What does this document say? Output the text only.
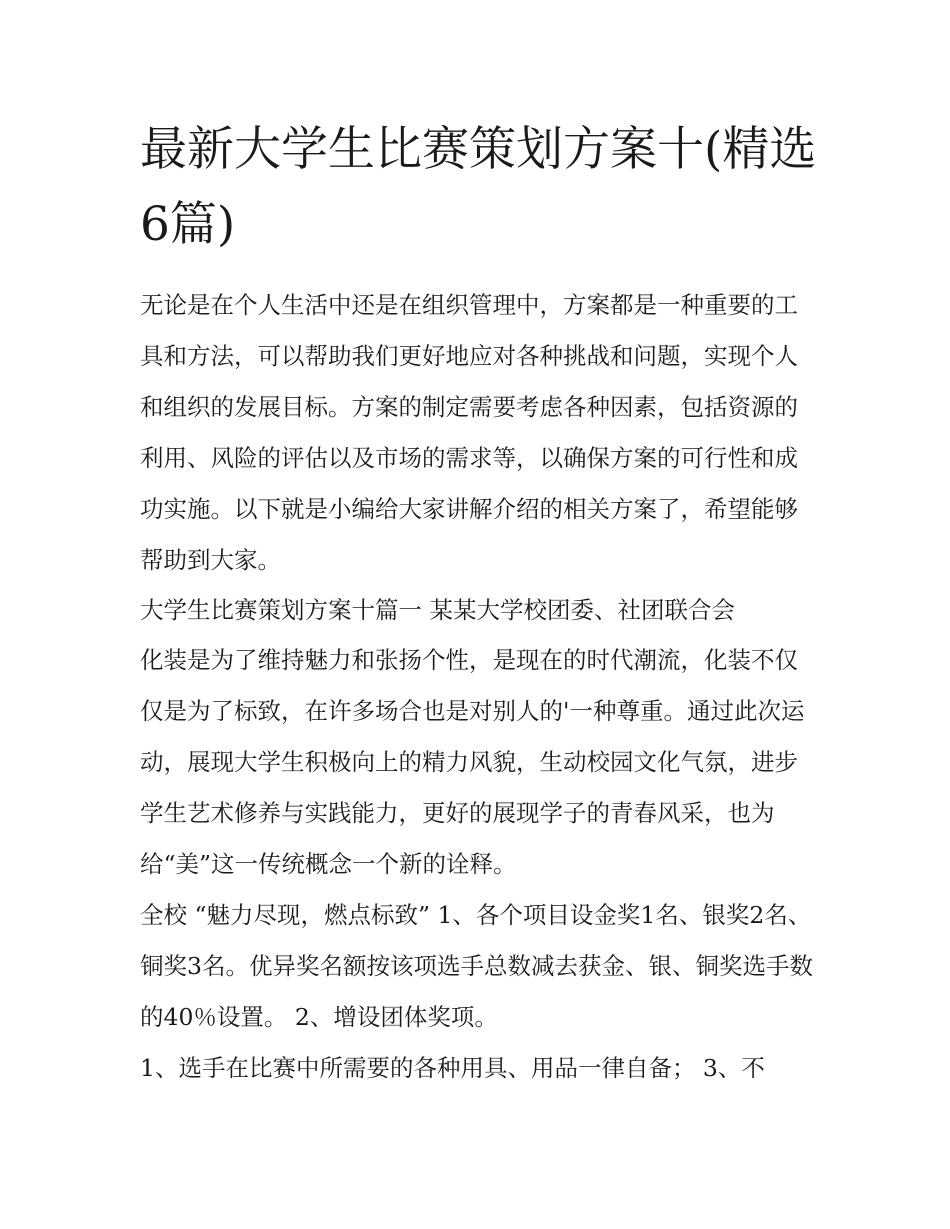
最新大学生比赛策划方案十(精选6篇)

无论是在个人生活中还是在组织管理中，方案都是一种重要的工具和方法，可以帮助我们更好地应对各种挑战和问题，实现个人和组织的发展目标。方案的制定需要考虑各种因素，包括资源的利用、风险的评估以及市场的需求等，以确保方案的可行性和成功实施。以下就是小编给大家讲解介绍的相关方案了，希望能够帮助到大家。

大学生比赛策划方案十篇一 某某大学校团委、社团联合会

化装是为了维持魅力和张扬个性，是现在的时代潮流，化装不仅仅是为了标致，在许多场合也是对别人的'一种尊重。通过此次运动，展现大学生积极向上的精力风貌，生动校园文化气氛，进步学生艺术修养与实践能力，更好的展现学子的青春风采，也为给“美”这一传统概念一个新的诠释。

全校 “魅力尽现，燃点标致” 1、各个项目设金奖1名、银奖2名、铜奖3名。优异奖名额按该项选手总数减去获金、银、铜奖选手数的40％设置。 2、增设团体奖项。

1、选手在比赛中所需要的各种用具、用品一律自备； 3、不
